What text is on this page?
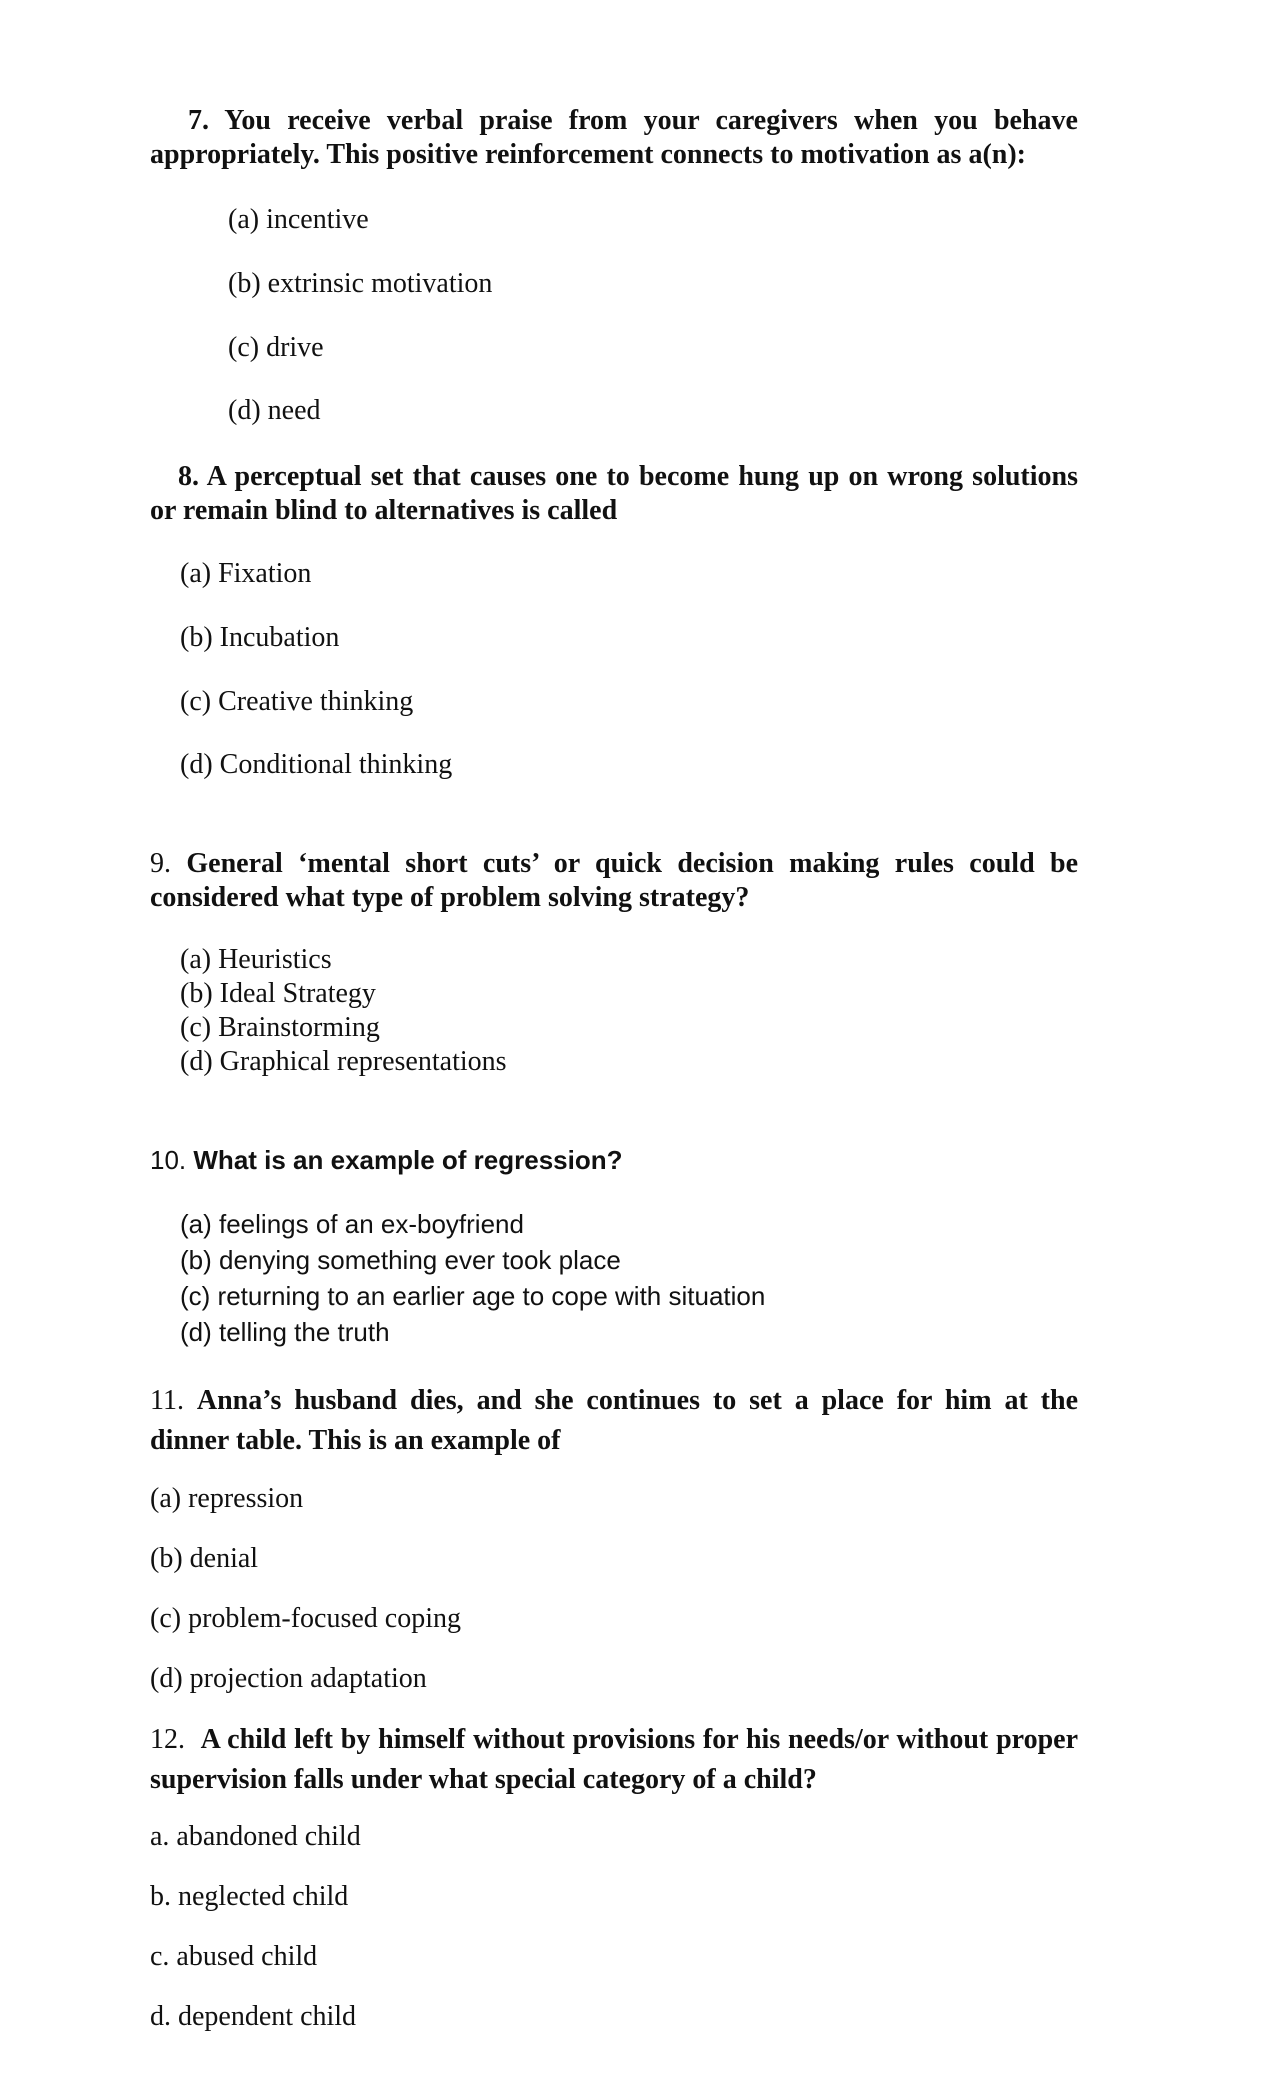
7. You receive verbal praise from your caregivers when you behave appropriately. This positive reinforcement connects to motivation as a(n):
(a) incentive
(b) extrinsic motivation
(c) drive
(d) need
8. A perceptual set that causes one to become hung up on wrong solutions or remain blind to alternatives is called
(a) Fixation
(b) Incubation
(c) Creative thinking
(d) Conditional thinking
9. General ‘mental short cuts’ or quick decision making rules could be considered what type of problem solving strategy?
(a) Heuristics
(b) Ideal Strategy
(c) Brainstorming
(d) Graphical representations
10. What is an example of regression?
(a) feelings of an ex-boyfriend
(b) denying something ever took place
(c) returning to an earlier age to cope with situation
(d) telling the truth
11. Anna’s husband dies, and she continues to set a place for him at the dinner table. This is an example of
(a) repression
(b) denial
(c) problem-focused coping
(d) projection adaptation
12. A child left by himself without provisions for his needs/or without proper supervision falls under what special category of a child?
a. abandoned child
b. neglected child
c. abused child
d. dependent child
